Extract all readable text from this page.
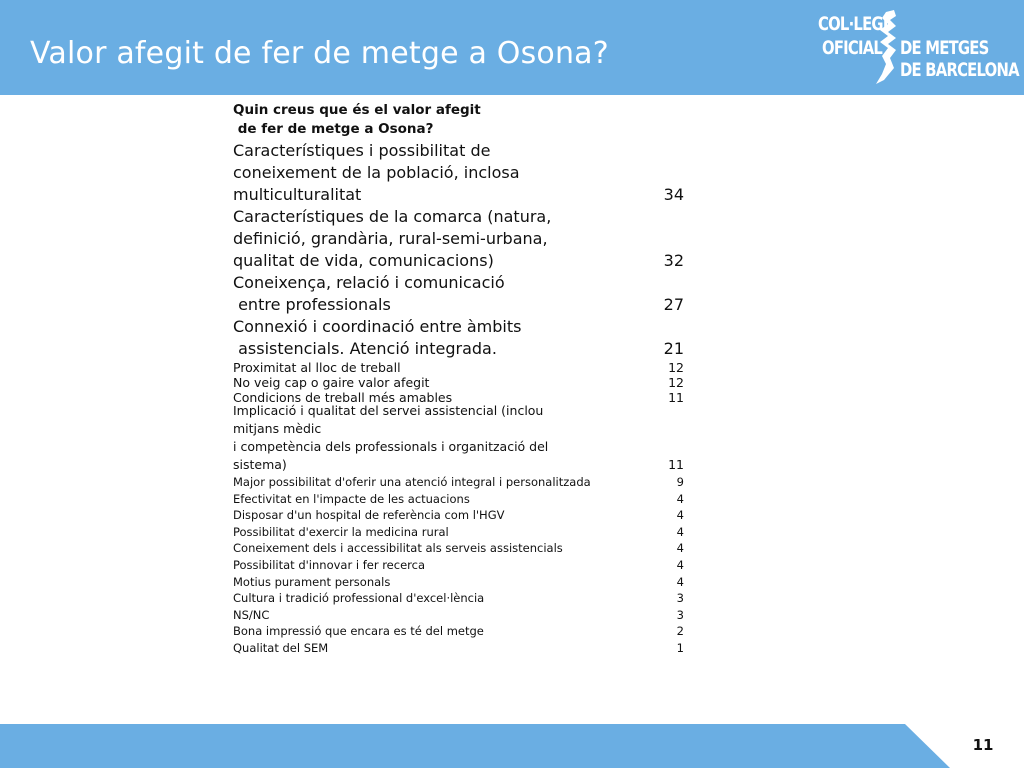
Valor afegit de fer de metge a Osona?
COL·LEGI
OFICIAL DE METGES
DE BARCELONA
Quin creus que és el valor afegit
de fer de metge a Osona?
Característiques i possibilitat de
coneixement de la població, inclosa
multiculturalitat	34
Característiques de la comarca (natura,
definició, grandària, rural-semi-urbana,
qualitat de vida, comunicacions)	32
Coneixença, relació i comunicació
entre professionals	27
Connexió i coordinació entre àmbits
assistencials. Atenció integrada.	21
Proximitat al lloc de treball	12
No veig cap o gaire valor afegit	12
Condicions de treball més amables	11
Implicació i qualitat del servei assistencial (inclou
mitjans mèdic
i competència dels professionals i organització del
sistema)	11
Major possibilitat d'oferir una atenció integral i personalitzada	9
Efectivitat en l'impacte de les actuacions	4
Disposar d'un hospital de referència com l'HGV	4
Possibilitat d'exercir la medicina rural	4
Coneixement dels i accessibilitat als serveis assistencials	4
Possibilitat d'innovar i fer recerca	4
Motius purament personals	4
Cultura i tradició professional d'excel·lència	3
NS/NC	3
Bona impressió que encara es té del metge	2
Qualitat del SEM	1
11
